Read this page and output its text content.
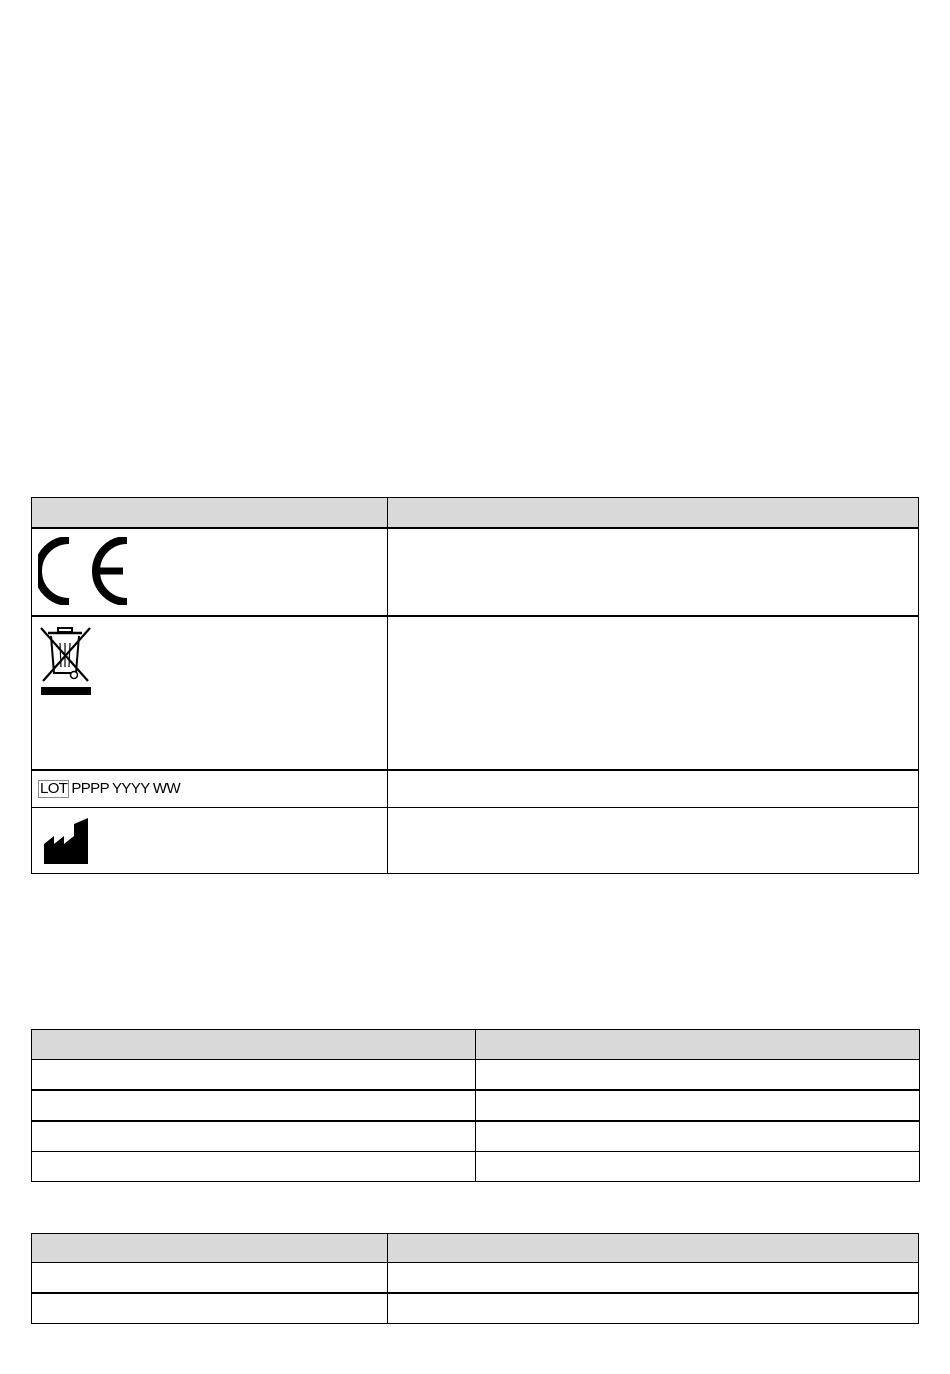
LOT PPPP YYYY WW	
